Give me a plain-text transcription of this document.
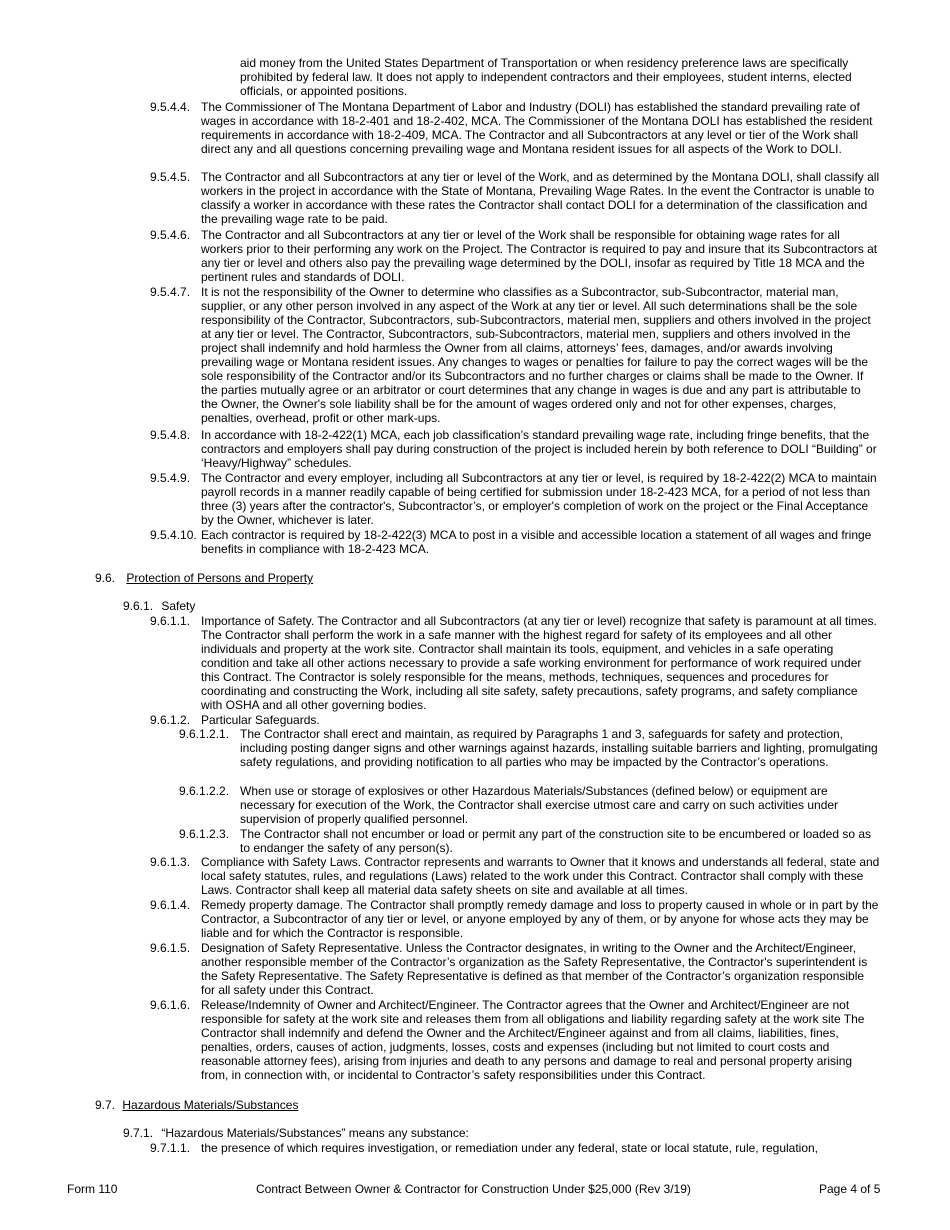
aid money from the United States Department of Transportation or when residency preference laws are specifically prohibited by federal law. It does not apply to independent contractors and their employees, student interns, elected officials, or appointed positions.
9.5.4.4. The Commissioner of The Montana Department of Labor and Industry (DOLI) has established the standard prevailing rate of wages in accordance with 18-2-401 and 18-2-402, MCA. The Commissioner of the Montana DOLI has established the resident requirements in accordance with 18-2-409, MCA. The Contractor and all Subcontractors at any level or tier of the Work shall direct any and all questions concerning prevailing wage and Montana resident issues for all aspects of the Work to DOLI.
9.5.4.5. The Contractor and all Subcontractors at any tier or level of the Work, and as determined by the Montana DOLI, shall classify all workers in the project in accordance with the State of Montana, Prevailing Wage Rates. In the event the Contractor is unable to classify a worker in accordance with these rates the Contractor shall contact DOLI for a determination of the classification and the prevailing wage rate to be paid.
9.5.4.6. The Contractor and all Subcontractors at any tier or level of the Work shall be responsible for obtaining wage rates for all workers prior to their performing any work on the Project. The Contractor is required to pay and insure that its Subcontractors at any tier or level and others also pay the prevailing wage determined by the DOLI, insofar as required by Title 18 MCA and the pertinent rules and standards of DOLI.
9.5.4.7. It is not the responsibility of the Owner to determine who classifies as a Subcontractor, sub-Subcontractor, material man, supplier, or any other person involved in any aspect of the Work at any tier or level. All such determinations shall be the sole responsibility of the Contractor, Subcontractors, sub-Subcontractors, material men, suppliers and others involved in the project at any tier or level. The Contractor, Subcontractors, sub-Subcontractors, material men, suppliers and others involved in the project shall indemnify and hold harmless the Owner from all claims, attorneys’ fees, damages, and/or awards involving prevailing wage or Montana resident issues. Any changes to wages or penalties for failure to pay the correct wages will be the sole responsibility of the Contractor and/or its Subcontractors and no further charges or claims shall be made to the Owner. If the parties mutually agree or an arbitrator or court determines that any change in wages is due and any part is attributable to the Owner, the Owner's sole liability shall be for the amount of wages ordered only and not for other expenses, charges, penalties, overhead, profit or other mark-ups.
9.5.4.8. In accordance with 18-2-422(1) MCA, each job classification’s standard prevailing wage rate, including fringe benefits, that the contractors and employers shall pay during construction of the project is included herein by both reference to DOLI “Building” or ‘Heavy/Highway” schedules.
9.5.4.9. The Contractor and every employer, including all Subcontractors at any tier or level, is required by 18-2-422(2) MCA to maintain payroll records in a manner readily capable of being certified for submission under 18-2-423 MCA, for a period of not less than three (3) years after the contractor's, Subcontractor’s, or employer's completion of work on the project or the Final Acceptance by the Owner, whichever is later.
9.5.4.10. Each contractor is required by 18-2-422(3) MCA to post in a visible and accessible location a statement of all wages and fringe benefits in compliance with 18-2-423 MCA.
9.6. Protection of Persons and Property
9.6.1. Safety
9.6.1.1. Importance of Safety. The Contractor and all Subcontractors (at any tier or level) recognize that safety is paramount at all times. The Contractor shall perform the work in a safe manner with the highest regard for safety of its employees and all other individuals and property at the work site. Contractor shall maintain its tools, equipment, and vehicles in a safe operating condition and take all other actions necessary to provide a safe working environment for performance of work required under this Contract. The Contractor is solely responsible for the means, methods, techniques, sequences and procedures for coordinating and constructing the Work, including all site safety, safety precautions, safety programs, and safety compliance with OSHA and all other governing bodies.
9.6.1.2. Particular Safeguards.
9.6.1.2.1. The Contractor shall erect and maintain, as required by Paragraphs 1 and 3, safeguards for safety and protection, including posting danger signs and other warnings against hazards, installing suitable barriers and lighting, promulgating safety regulations, and providing notification to all parties who may be impacted by the Contractor’s operations.
9.6.1.2.2. When use or storage of explosives or other Hazardous Materials/Substances (defined below) or equipment are necessary for execution of the Work, the Contractor shall exercise utmost care and carry on such activities under supervision of properly qualified personnel.
9.6.1.2.3. The Contractor shall not encumber or load or permit any part of the construction site to be encumbered or loaded so as to endanger the safety of any person(s).
9.6.1.3. Compliance with Safety Laws. Contractor represents and warrants to Owner that it knows and understands all federal, state and local safety statutes, rules, and regulations (Laws) related to the work under this Contract. Contractor shall comply with these Laws. Contractor shall keep all material data safety sheets on site and available at all times.
9.6.1.4. Remedy property damage. The Contractor shall promptly remedy damage and loss to property caused in whole or in part by the Contractor, a Subcontractor of any tier or level, or anyone employed by any of them, or by anyone for whose acts they may be liable and for which the Contractor is responsible.
9.6.1.5. Designation of Safety Representative. Unless the Contractor designates, in writing to the Owner and the Architect/Engineer, another responsible member of the Contractor’s organization as the Safety Representative, the Contractor's superintendent is the Safety Representative. The Safety Representative is defined as that member of the Contractor’s organization responsible for all safety under this Contract.
9.6.1.6. Release/Indemnity of Owner and Architect/Engineer. The Contractor agrees that the Owner and Architect/Engineer are not responsible for safety at the work site and releases them from all obligations and liability regarding safety at the work site The Contractor shall indemnify and defend the Owner and the Architect/Engineer against and from all claims, liabilities, fines, penalties, orders, causes of action, judgments, losses, costs and expenses (including but not limited to court costs and reasonable attorney fees), arising from injuries and death to any persons and damage to real and personal property arising from, in connection with, or incidental to Contractor’s safety responsibilities under this Contract.
9.7. Hazardous Materials/Substances
9.7.1. “Hazardous Materials/Substances” means any substance:
9.7.1.1. the presence of which requires investigation, or remediation under any federal, state or local statute, rule, regulation,
Form 110	Contract Between Owner & Contractor for Construction Under $25,000 (Rev 3/19)	Page 4 of 5
